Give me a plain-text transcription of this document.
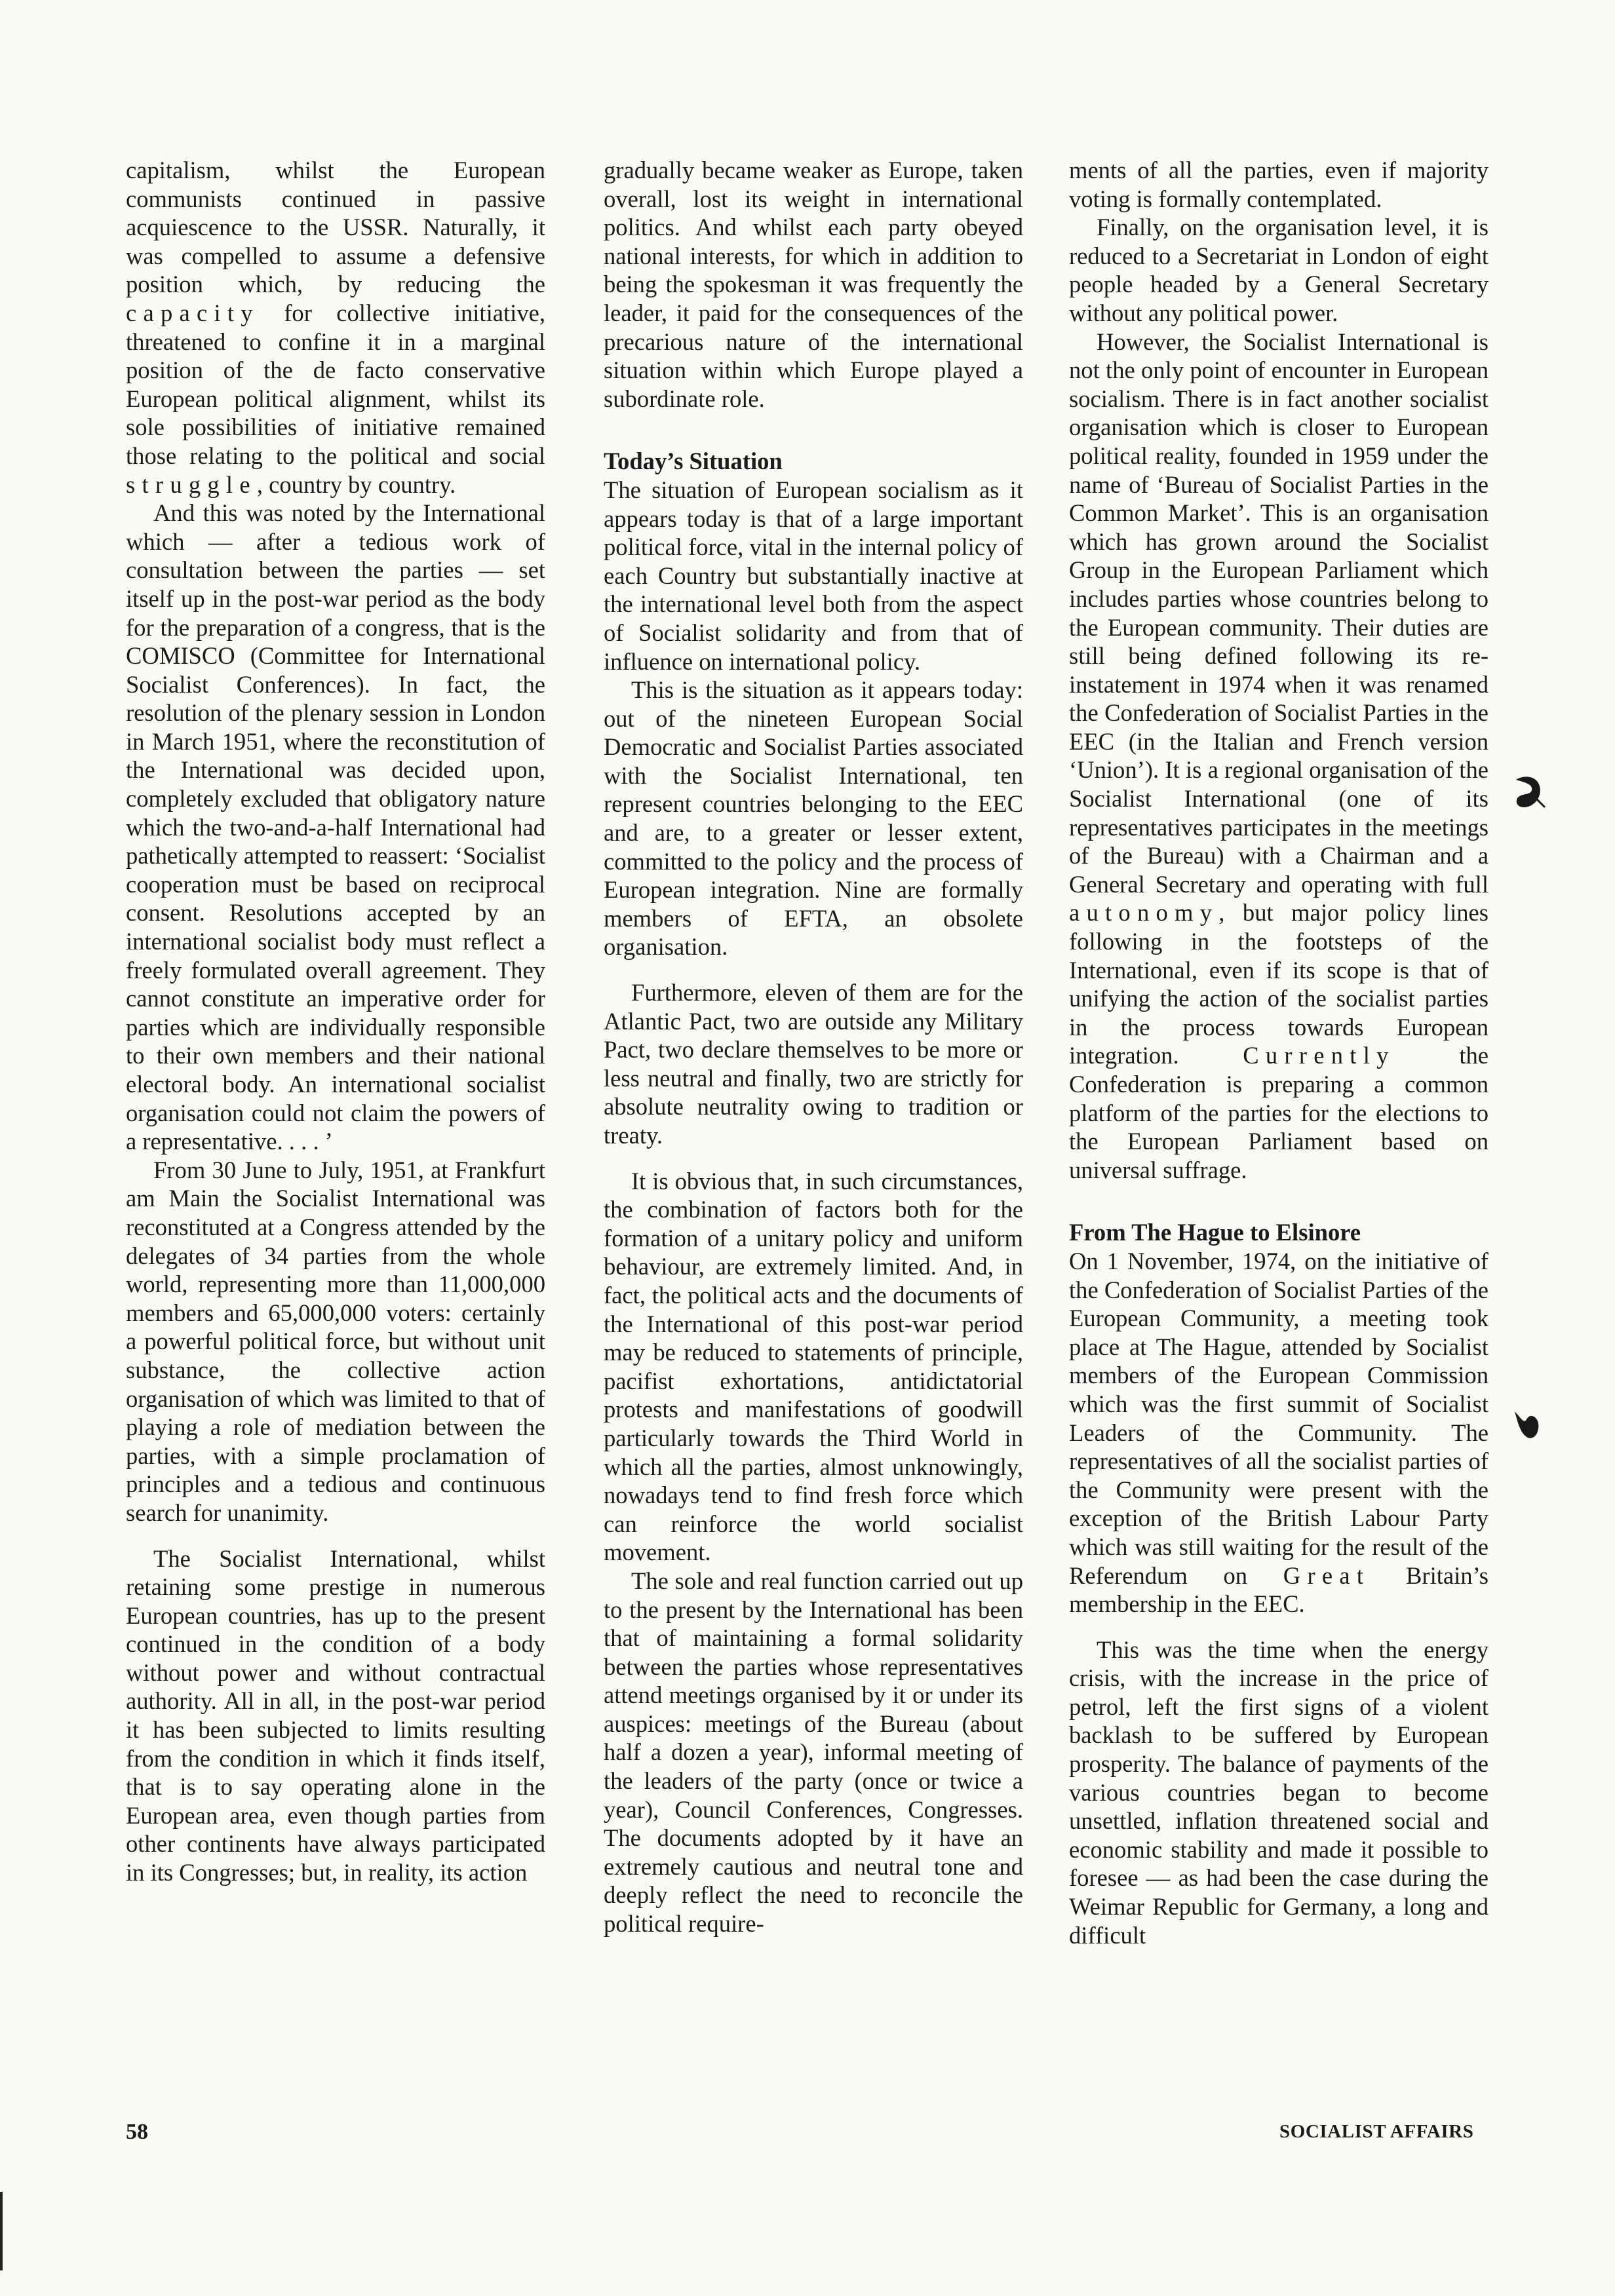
capitalism, whilst the European communists continued in passive acquiescence to the USSR. Naturally, it was compelled to assume a defensive position which, by reducing the capacity for collective initiative, threatened to confine it in a marginal position of the de facto conservative European political alignment, whilst its sole possibilities of initiative remained those relating to the political and social struggle, country by country.

And this was noted by the International which — after a tedious work of consultation between the parties — set itself up in the post-war period as the body for the preparation of a congress, that is the COMISCO (Committee for International Socialist Conferences). In fact, the resolution of the plenary session in London in March 1951, where the reconstitution of the International was decided upon, completely excluded that obligatory nature which the two-and-a-half International had pathetically attempted to reassert: ‘Socialist cooperation must be based on reciprocal consent. Resolutions accepted by an international socialist body must reflect a freely formulated overall agreement. They cannot constitute an imperative order for parties which are individually responsible to their own members and their national electoral body. An international socialist organisation could not claim the powers of a representative. . . . ’

From 30 June to July, 1951, at Frankfurt am Main the Socialist International was reconstituted at a Congress attended by the delegates of 34 parties from the whole world, representing more than 11,000,000 members and 65,000,000 voters: certainly a powerful political force, but without unit substance, the collective action organisation of which was limited to that of playing a role of mediation between the parties, with a simple proclamation of principles and a tedious and continuous search for unanimity.

The Socialist International, whilst retaining some prestige in numerous European countries, has up to the present continued in the condition of a body without power and without contractual authority. All in all, in the post-war period it has been subjected to limits resulting from the condition in which it finds itself, that is to say operating alone in the European area, even though parties from other continents have always participated in its Congresses; but, in reality, its action

gradually became weaker as Europe, taken overall, lost its weight in international politics. And whilst each party obeyed national interests, for which in addition to being the spokesman it was frequently the leader, it paid for the consequences of the precarious nature of the international situation within which Europe played a subordinate role.

Today’s Situation

The situation of European socialism as it appears today is that of a large important political force, vital in the internal policy of each Country but substantially inactive at the international level both from the aspect of Socialist solidarity and from that of influence on international policy.

This is the situation as it appears today: out of the nineteen European Social Democratic and Socialist Parties associated with the Socialist International, ten represent countries belonging to the EEC and are, to a greater or lesser extent, committed to the policy and the process of European integration. Nine are formally members of EFTA, an obsolete organisation.

Furthermore, eleven of them are for the Atlantic Pact, two are outside any Military Pact, two declare themselves to be more or less neutral and finally, two are strictly for absolute neutrality owing to tradition or treaty.

It is obvious that, in such circumstances, the combination of factors both for the formation of a unitary policy and uniform behaviour, are extremely limited. And, in fact, the political acts and the documents of the International of this post-war period may be reduced to statements of principle, pacifist exhortations, antidictatorial protests and manifestations of goodwill particularly towards the Third World in which all the parties, almost unknowingly, nowadays tend to find fresh force which can reinforce the world socialist movement.

The sole and real function carried out up to the present by the International has been that of maintaining a formal solidarity between the parties whose representatives attend meetings organised by it or under its auspices: meetings of the Bureau (about half a dozen a year), informal meeting of the leaders of the party (once or twice a year), Council Conferences, Congresses. The documents adopted by it have an extremely cautious and neutral tone and deeply reflect the need to reconcile the political require-

ments of all the parties, even if majority voting is formally contemplated.

Finally, on the organisation level, it is reduced to a Secretariat in London of eight people headed by a General Secretary without any political power.

However, the Socialist International is not the only point of encounter in European socialism. There is in fact another socialist organisation which is closer to European political reality, founded in 1959 under the name of ‘Bureau of Socialist Parties in the Common Market’. This is an organisation which has grown around the Socialist Group in the European Parliament which includes parties whose countries belong to the European community. Their duties are still being defined following its re-instatement in 1974 when it was renamed the Confederation of Socialist Parties in the EEC (in the Italian and French version ‘Union’). It is a regional organisation of the Socialist International (one of its representatives participates in the meetings of the Bureau) with a Chairman and a General Secretary and operating with full autonomy, but major policy lines following in the footsteps of the International, even if its scope is that of unifying the action of the socialist parties in the process towards European integration.	Currently	the Confederation is preparing a common platform of the parties for the elections to the European Parliament based on universal suffrage.

From The Hague to Elsinore

On 1 November, 1974, on the initiative of the Confederation of Socialist Parties of the European Community, a meeting took place at The Hague, attended by Socialist members of the European Commission which was the first summit of Socialist Leaders of the Community. The representatives of all the socialist parties of the Community were present with the exception of the British Labour Party which was still waiting for the result of the Referendum on Great Britain’s membership in the EEC.

This was the time when the energy crisis, with the increase in the price of petrol, left the first signs of a violent backlash to be suffered by European prosperity. The balance of payments of the various countries began to become unsettled, inflation threatened social and economic stability and made it possible to foresee — as had been the case during the Weimar Republic for Germany, a long and difficult

58	SOCIALIST AFFAIRS
